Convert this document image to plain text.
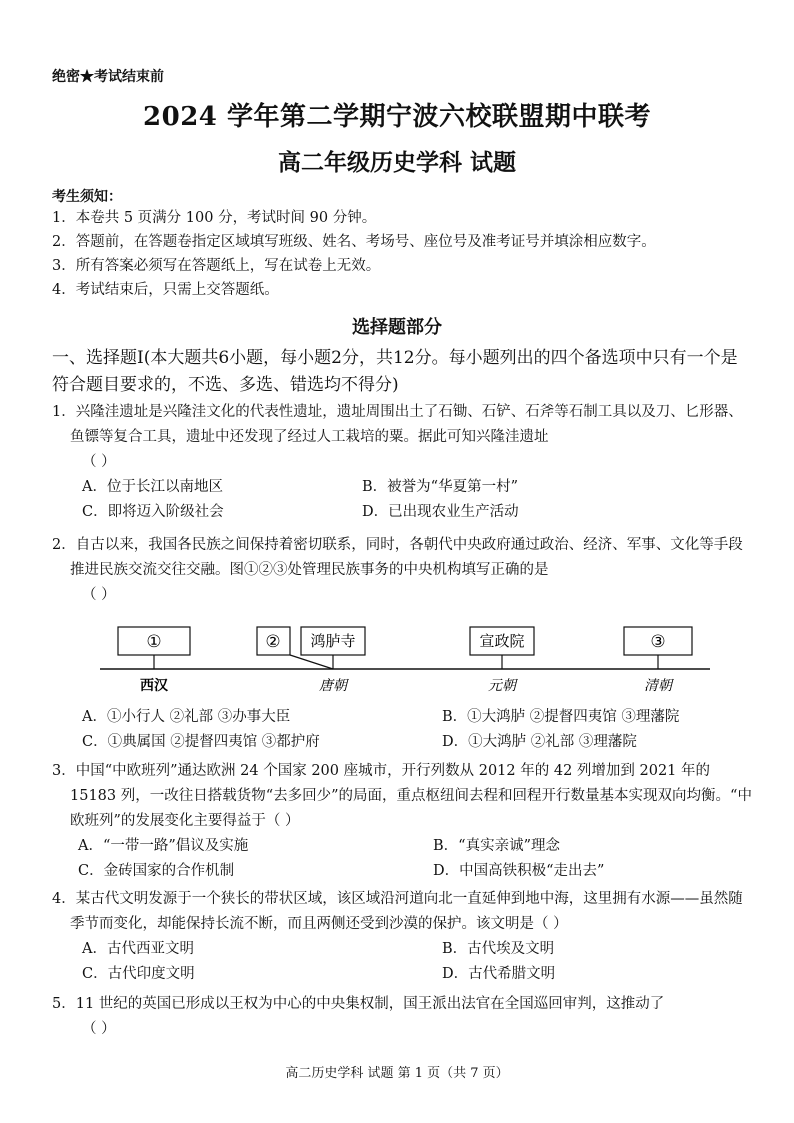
绝密★考试结束前
2024 学年第二学期宁波六校联盟期中联考
高二年级历史学科 试题
考生须知：
1．本卷共 5 页满分 100 分，考试时间 90 分钟。
2．答题前，在答题卷指定区域填写班级、姓名、考场号、座位号及准考证号并填涂相应数字。
3．所有答案必须写在答题纸上，写在试卷上无效。
4．考试结束后，只需上交答题纸。
选择题部分
一、选择题Ⅰ(本大题共6小题，每小题2分，共12分。每小题列出的四个备选项中只有一个是符合题目要求的，不选、多选、错选均不得分)
1．兴隆洼遗址是兴隆洼文化的代表性遗址，遗址周围出土了石锄、石铲、石斧等石制工具以及刀、匕形器、鱼镖等复合工具，遗址中还发现了经过人工栽培的粟。据此可知兴隆洼遗址
（ ）
A．位于长江以南地区	B．被誉为“华夏第一村”
C．即将迈入阶级社会	D．已出现农业生产活动
2．自古以来，我国各民族之间保持着密切联系，同时，各朝代中央政府通过政治、经济、军事、文化等手段推进民族交流交往交融。图①②③处管理民族事务的中央机构填写正确的是
（ ）
①	② 鸿胪寺	宣政院	③
西汉	唐朝	元朝	清朝
A．①小行人 ②礼部 ③办事大臣	B．①大鸿胪 ②提督四夷馆 ③理藩院
C．①典属国 ②提督四夷馆 ③都护府	D．①大鸿胪 ②礼部 ③理藩院
3．中国“中欧班列”通达欧洲 24 个国家 200 座城市，开行列数从 2012 年的 42 列增加到 2021 年的 15183 列，一改往日搭载货物“去多回少”的局面，重点枢纽间去程和回程开行数量基本实现双向均衡。“中欧班列”的发展变化主要得益于（ ）
A．“一带一路”倡议及实施	B．“真实亲诚”理念
C．金砖国家的合作机制	D．中国高铁积极“走出去”
4．某古代文明发源于一个狭长的带状区域，该区域沿河道向北一直延伸到地中海，这里拥有水源——虽然随季节而变化，却能保持长流不断，而且两侧还受到沙漠的保护。该文明是（ ）
A．古代西亚文明	B．古代埃及文明
C．古代印度文明	D．古代希腊文明
5．11 世纪的英国已形成以王权为中心的中央集权制，国王派出法官在全国巡回审判，这推动了
（ ）
高二历史学科 试题 第 1 页（共 7 页）
